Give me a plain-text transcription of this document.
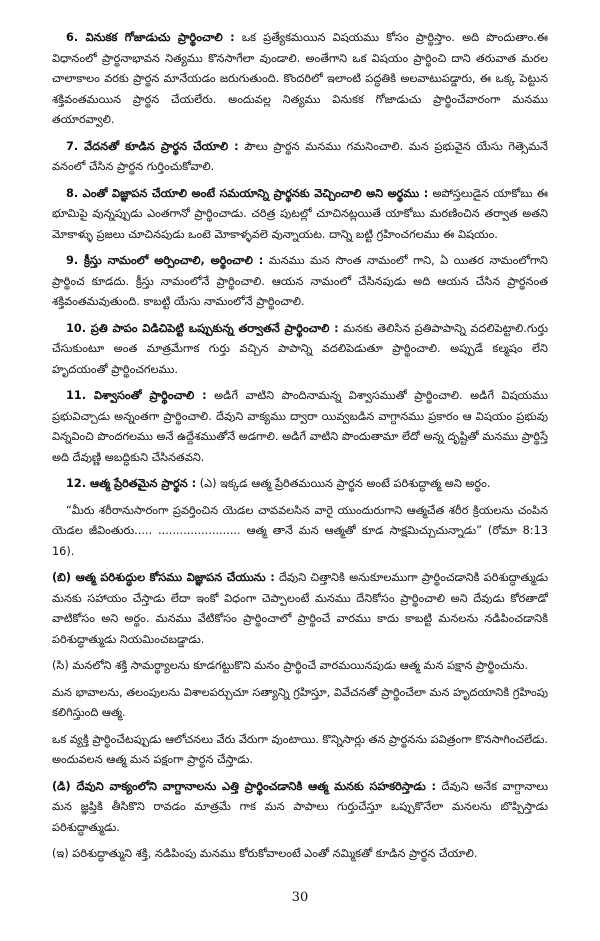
6. వినుకక గోజాడుచు ప్రార్థించాలి : ఒక ప్రత్యేకమయిన విషయము కోసం ప్రార్థిస్తాం. అది పొందుతాం.ఈ విధానంలో ప్రార్థనాభావన నిత్యము కొనసాగేలా వుండాలి. అంతేగాని ఒక విషయం ప్రార్థించి దాని తరువాత మరల చాలాకాలం వరకు ప్రార్థన మానేయడం జరుగుతుంది. కొందరిలో ఇలాంటి పద్ధతికి అలవాటుపడ్డారు, ఈ ఒక్క పెట్టున శక్తివంతమయిన ప్రార్థన చేయలేరు. అందువల్ల నిత్యము వినుకక గోజాడుచు ప్రార్థించేవారంగా మనము తయారవ్వాలి.

7. వేదనతో కూడిన ప్రార్థన చేయాలి : పౌలు ప్రార్థన మనము గమనించాలి. మన ప్రభువైన యేసు గెత్సెమనే వనంలో చేసిన ప్రార్థన గుర్తించుకోవాలి.

8. ఎంతో విజ్ఞాపన చేయాలి అంటే సమయాన్ని ప్రార్థనకు వెచ్చించాలి అని అర్థము : అపోస్తలుడైన యాకోబు ఈ భూమిపై వున్నప్పుడు ఎంతగానో ప్రార్థించాడు. చరిత్ర పుటల్లో చూచినట్లయితే యాకోబు మరణించిన తర్వాత అతని మోకాళ్ళు ప్రజలు చూచినపుడు ఒంటె మోకాళ్ళవలె వున్నాయట. దాన్ని బట్టి గ్రహించగలము ఈ విషయం.

9. క్రీస్తు నామంలో అర్పించాలి, అర్థించాలి : మనము మన సొంత నామంలో గాని, ఏ యితర నామంలోగాని ప్రార్థించ కూడదు. క్రీస్తు నామంలోనే ప్రార్థించాలి. ఆయన నామంలో చేసినపుడు అది ఆయన చేసిన ప్రార్థనంత శక్తివంతమవుతుంది. కాబట్టి యేసు నామంలోనే ప్రార్థించాలి.

10. ప్రతి పాపం విడిచిపెట్టి ఒప్పుకున్న తర్వాతనే ప్రార్థించాలి : మనకు తెలిసిన ప్రతిపాపాన్ని వదలిపెట్టాలి.గుర్తు చేసుకుంటూ అంత మాత్రమేగాక గుర్తు వచ్చిన పాపాన్ని వదలిపెడుతూ ప్రార్థించాలి. అప్పుడే కల్మషం లేని హృదయంతో ప్రార్థించగలము.

11. విశ్వాసంతో ప్రార్థించాలి : అడిగే వాటిని పొందినామన్న విశ్వాసముతో ప్రార్థించాలి. అడిగే విషయము ప్రభువిచ్చాడు అన్నంతగా ప్రార్థించాలి. దేవుని వాక్యము ద్వారా యివ్వబడిన వాగ్దానము ప్రకారం ఆ విషయం ప్రభువు విన్నవించి పొందగలము అనే ఉద్దేశముతోనే అడగాలి. అడిగే వాటిని పొందుతామా లేదో అన్న దృష్టితో మనము ప్రార్థిస్తే అది దేవుణ్ణి అబద్ధికుని చేసినతవని.

12. ఆత్మ ప్రేరితమైన ప్రార్థన : (ఎ) ఇక్కడ ఆత్మ ప్రేరితమయిన ప్రార్థన అంటే పరిశుద్ధాత్మ అని అర్థం.

“మీరు శరీరానుసారంగా ప్రవర్తించిన యెడల చావవలసిన వారై యుందురుగాని ఆత్మచేత శరీర క్రియలను చంపిన యెడల జీవింతురు..... ....................... ఆత్మ తానే మన ఆత్మతో కూడ సాక్షమిచ్చుచున్నాడు” (రోమా 8:13 16).

(బి) ఆత్మ పరిశుద్ధుల కోసము విజ్ఞాపన చేయును : దేవుని చిత్తానికి అనుకూలముగా ప్రార్థించడానికి పరిశుద్ధాత్ముడు మనకు సహాయం చేస్తాడు లేదా ఇంకో విధంగా చెప్పాలంటే మనము దేనికోసం ప్రార్థించాలి అని దేవుడు కోరతాడో వాటికోసం అని అర్థం. మనము వేటికోసం ప్రార్థించాలో ప్రార్థించే వారము కాదు కాబట్టి మనలను నడిపించడానికి పరిశుద్ధాత్ముడు నియమించబడ్డాడు.

(సి) మనలోని శక్తి సామర్థ్యాలను కూడగట్టుకొని మనం ప్రార్థించే వారమయినపుడు ఆత్మ మన పక్షాన ప్రార్థించును.

మన భావాలను, తలంపులను విశాలపర్చుచూ సత్యాన్ని గ్రహిస్తూ, వివేచనతో ప్రార్థించేలా మన హృదయానికి గ్రహింపు కలిగిస్తుంది ఆత్మ.

ఒక వ్యక్తి ప్రార్థించేటప్పుడు ఆలోచనలు వేరు వేరుగా వుంటాయి. కొన్నిసార్లు తన ప్రార్థనను పవిత్రంగా కొనసాగించలేడు. అందువలన ఆత్మ మన పక్షంగా ప్రార్థన చేస్తాడు.

(డి) దేవుని వాక్యంలోని వాగ్దానాలను ఎత్తి ప్రార్థించడానికి ఆత్మ మనకు సహకరిస్తాడు : దేవుని అనేక వాగ్దానాలు మన జ్ఞప్తికి తీసికొని రావడం మాత్రమే గాక మన పాపాలు గుర్తుచేస్తూ ఒప్పుకొనేలా మనలను బొప్పిస్తాడు పరిశుద్ధాత్ముడు.

(ఇ) పరిశుద్ధాత్ముని శక్తి, నడిపింపు మనము కోరుకోవాలంటే ఎంతో నమ్మికతో కూడిన ప్రార్థన చేయాలి.

30
